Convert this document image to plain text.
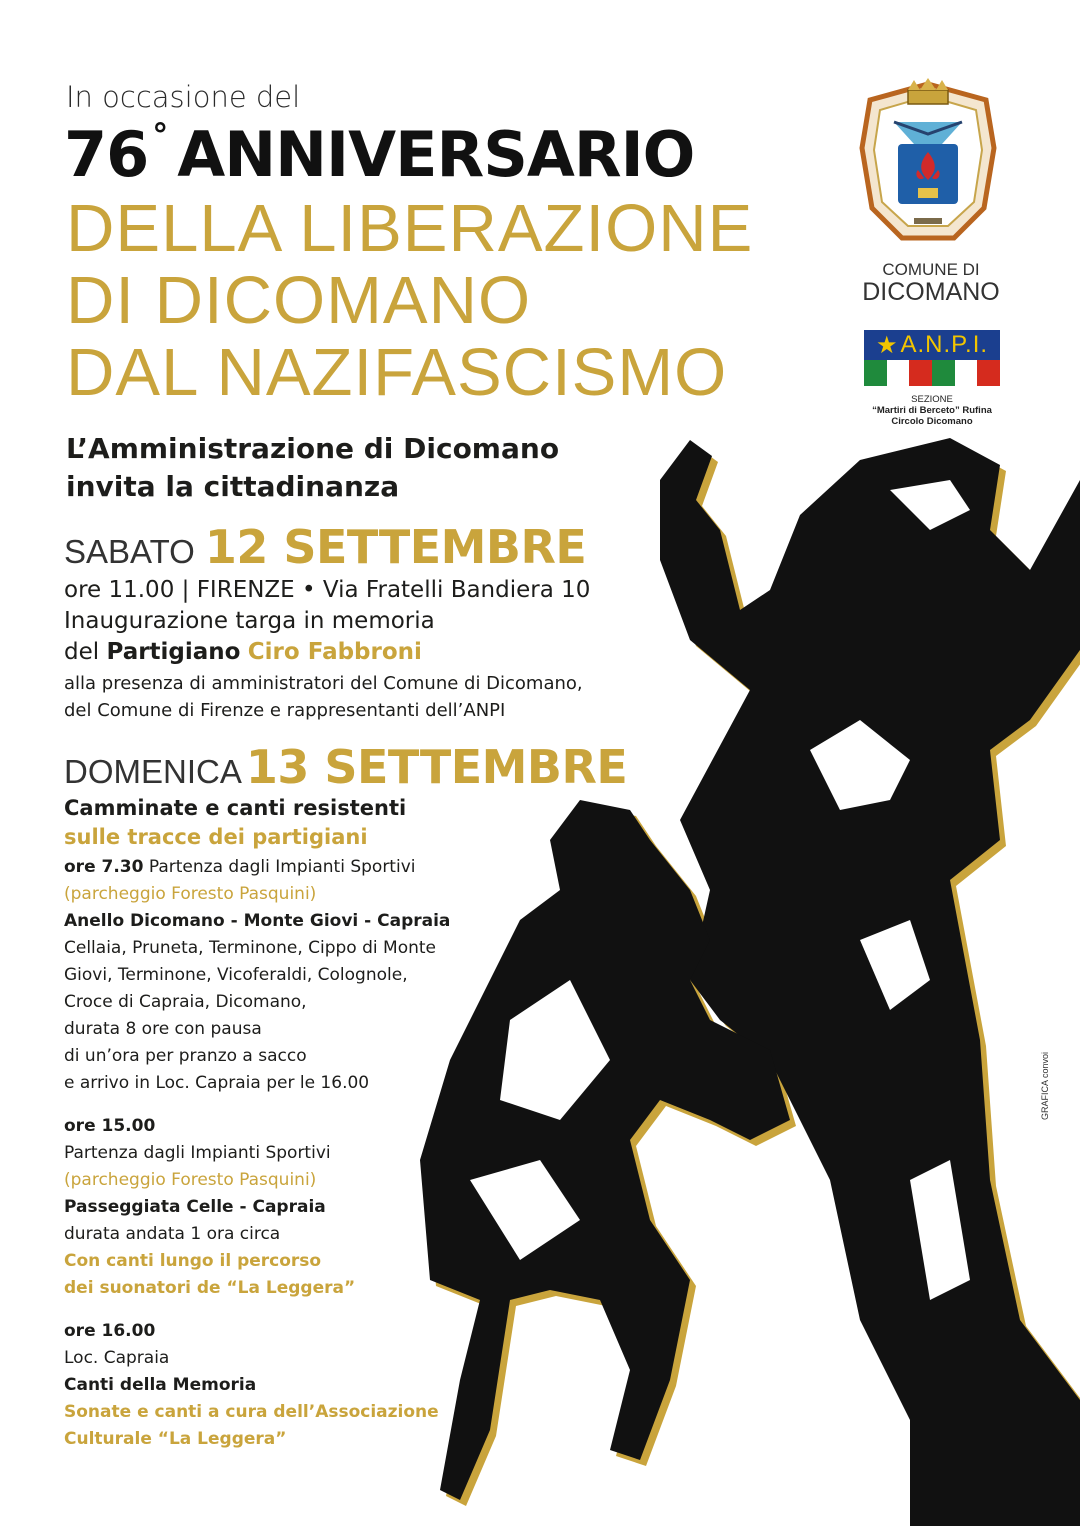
In occasione del
76 ° ANNIVERSARIO
DELLA LIBERAZIONE
DI DICOMANO
DAL NAZIFASCISMO
COMUNE DI
DICOMANO
★ A.N.P.I.
SEZIONE
“Martiri di Berceto” Rufina
Circolo Dicomano
L’Amministrazione di Dicomano
invita la cittadinanza
SABATO 12 SETTEMBRE
ore 11.00 | FIRENZE • Via Fratelli Bandiera 10
Inaugurazione targa in memoria
del Partigiano Ciro Fabbroni
alla presenza di amministratori del Comune di Dicomano,
del Comune di Firenze e rappresentanti dell’ANPI
DOMENICA13 SETTEMBRE
Camminate e canti resistenti
sulle tracce dei partigiani
ore 7.30 Partenza dagli Impianti Sportivi
(parcheggio Foresto Pasquini)
Anello Dicomano - Monte Giovi - Capraia
Cellaia, Pruneta, Terminone, Cippo di Monte
Giovi, Terminone, Vicoferaldi, Colognole,
Croce di Capraia, Dicomano,
durata 8 ore con pausa
di un’ora per pranzo a sacco
e arrivo in Loc. Capraia per le 16.00
ore 15.00
Partenza dagli Impianti Sportivi
(parcheggio Foresto Pasquini)
Passeggiata Celle - Capraia
durata andata 1 ora circa
Con canti lungo il percorso
dei suonatori de “La Leggera”
ore 16.00
Loc. Capraia
Canti della Memoria
Sonate e canti a cura dell’Associazione
Culturale “La Leggera”
GRAFICA convoi
